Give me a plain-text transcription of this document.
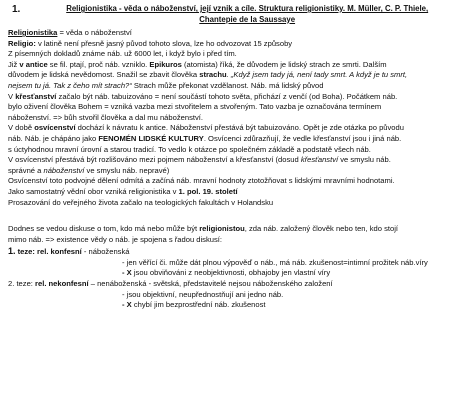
1.	Religionistika - věda o náboženství, její vznik a cíle. Struktura religionistiky. M. Müller, C. P. Thiele,
Chantepie de la Saussaye
Religionistika = věda o náboženství
Religio: v latině není přesně jasný původ tohoto slova, lze ho odvozovat 15 způsoby
Z písemných dokladů známe náb. už 6000 let, i když bylo i před tím.
Již v antice se fil. ptají, proč náb. vzniklo. Epikuros (atomista) říká, že důvodem je lidský strach ze smrti. Dalším
důvodem je lidská nevědomost. Snažil se zbavit člověka strachu. „Když jsem tady já, není tady smrt. A když je tu smrt,
nejsem tu já. Tak z čeho mít strach?“ Strach může překonat vzdělanost. Náb. má lidský původ
V křesťanství začalo být náb. tabuizováno = není součástí tohoto světa, přichází z venčí (od Boha). Počátkem náb.
bylo oživení člověka Bohem = vzniká vazba mezi stvořitelem a stvořeným. Tato vazba je označována termínem
náboženství. => bůh stvořil člověka a dal mu náboženství.
V době osvícenství dochází k návratu k antice. Náboženství přestává být tabuizováno. Opět je zde otázka po původu
náb. Náb. je chápáno jako FENOMÉN LIDSKÉ KULTURY. Osvícenci zdůrazňují, že vedle křesťanství jsou i jiná náb.
s úctyhodnou mravní úrovní a starou tradicí. To vedlo k otázce po společném základě a podstatě všech náb.
V osvícenství přestává být rozlišováno mezi pojmem náboženství a křesťanství (dosud křesťanství ve smyslu náb.
správné a náboženství ve smyslu náb. nepravé)
Osvícenství toto podvojné dělení odmítá a začíná náb. mravní hodnoty ztotožňovat s lidskými mravními hodnotami.
Jako samostatný vědní obor vzniká religionistika v 1. pol. 19. století
Prosazování do veřejného života začalo na teologických fakultách v Holandsku
Dodnes se vedou diskuse o tom, kdo má nebo může být religionistou, zda náb. založený člověk nebo ten, kdo stojí
mimo náb. => existence vědy o náb. je spojena s řadou diskusí:
1. teze: rel. konfesní - náboženská
- jen věřící či. může dát plnou výpověď o náb., má náb. zkušenost=intimní prožitek náb.víry
- X jsou obviňováni z neobjektivnosti, obhajoby jen vlastní víry
2. teze: rel. nekonfesní – nenáboženská - světská, představitelé nejsou náboženského založení
- jsou objektivní, neupřednostňují ani jedno náb.
- X chybí jim bezprostřední náb. zkušenost
